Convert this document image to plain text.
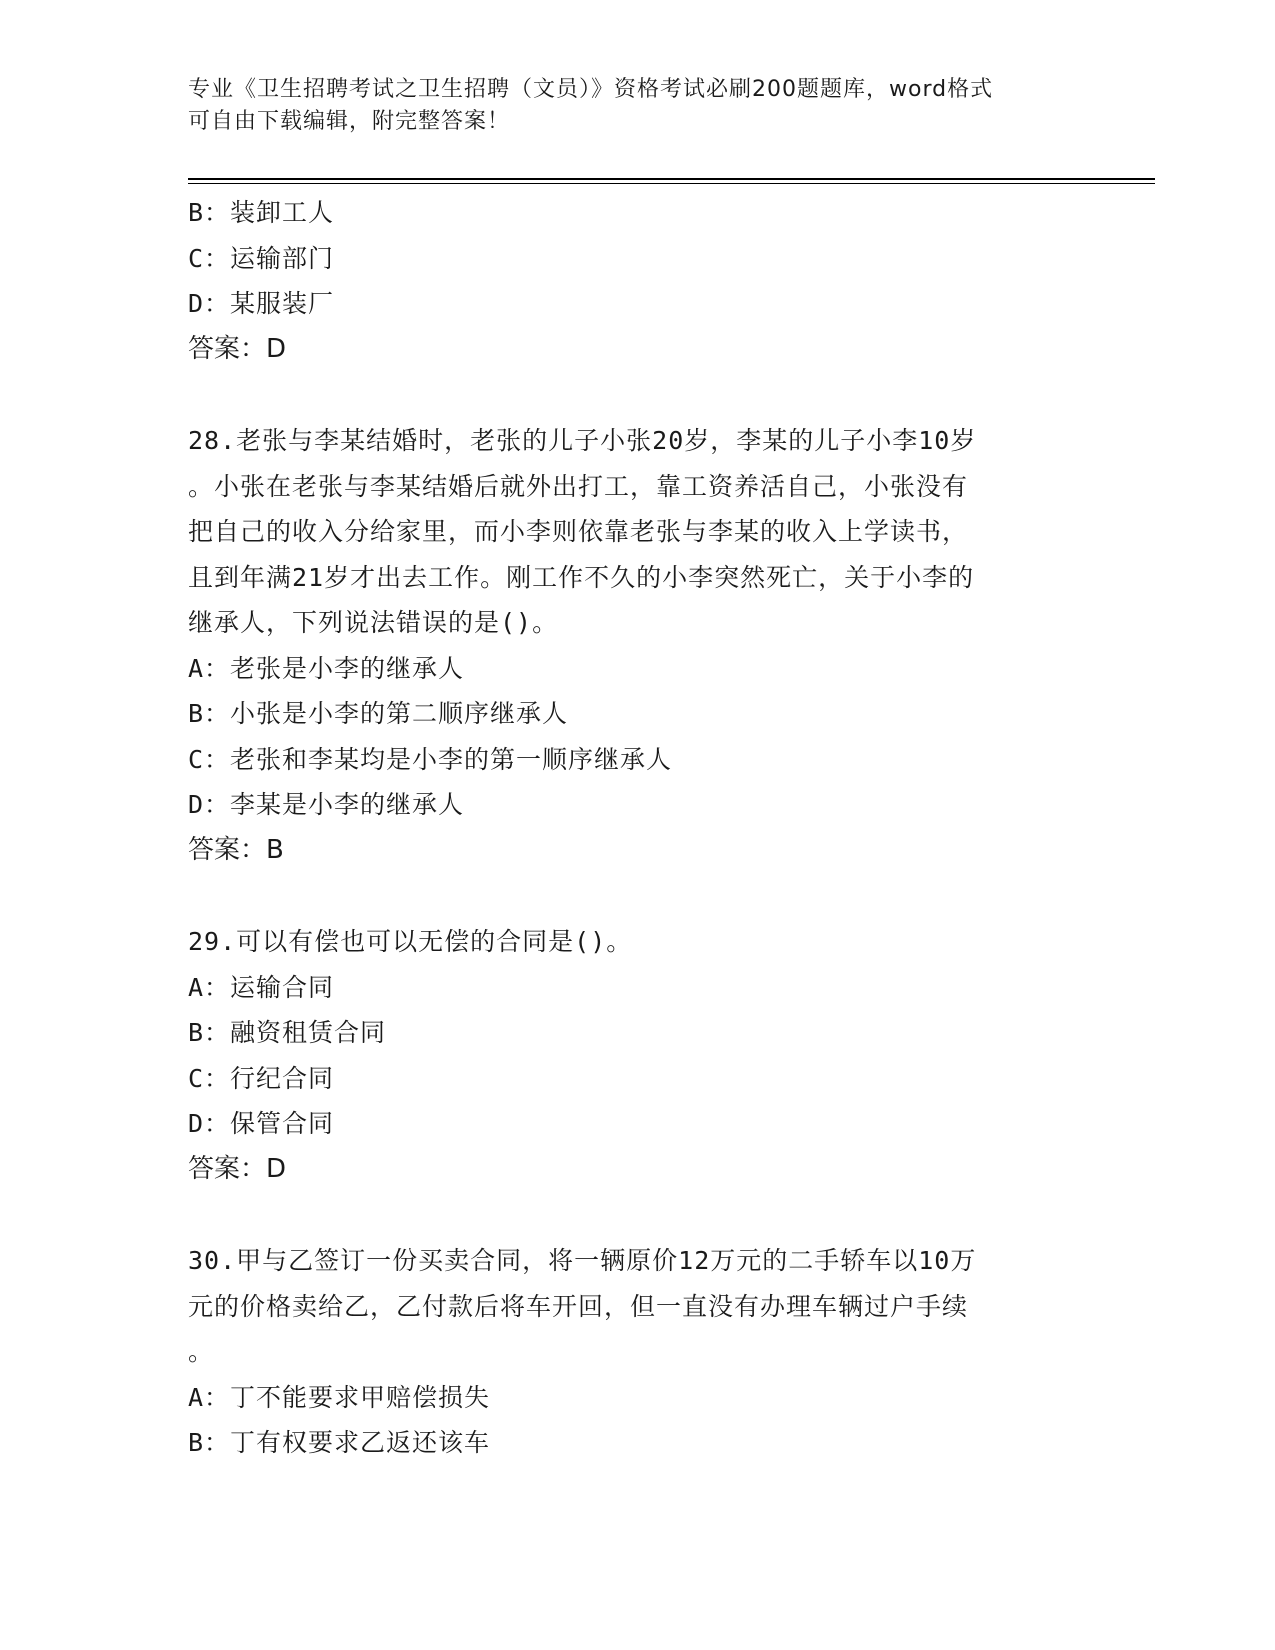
专业《卫生招聘考试之卫生招聘（文员）》资格考试必刷200题题库，word格式
可自由下载编辑，附完整答案！
B：装卸工人
C：运输部门
D：某服装厂
答案：D
28.老张与李某结婚时，老张的儿子小张20岁，李某的儿子小李10岁
。小张在老张与李某结婚后就外出打工，靠工资养活自己，小张没有
把自己的收入分给家里，而小李则依靠老张与李某的收入上学读书，
且到年满21岁才出去工作。刚工作不久的小李突然死亡，关于小李的
继承人，下列说法错误的是()。
A：老张是小李的继承人
B：小张是小李的第二顺序继承人
C：老张和李某均是小李的第一顺序继承人
D：李某是小李的继承人
答案：B
29.可以有偿也可以无偿的合同是()。
A：运输合同
B：融资租赁合同
C：行纪合同
D：保管合同
答案：D
30.甲与乙签订一份买卖合同，将一辆原价12万元的二手轿车以10万
元的价格卖给乙，乙付款后将车开回，但一直没有办理车辆过户手续
。
A：丁不能要求甲赔偿损失
B：丁有权要求乙返还该车
